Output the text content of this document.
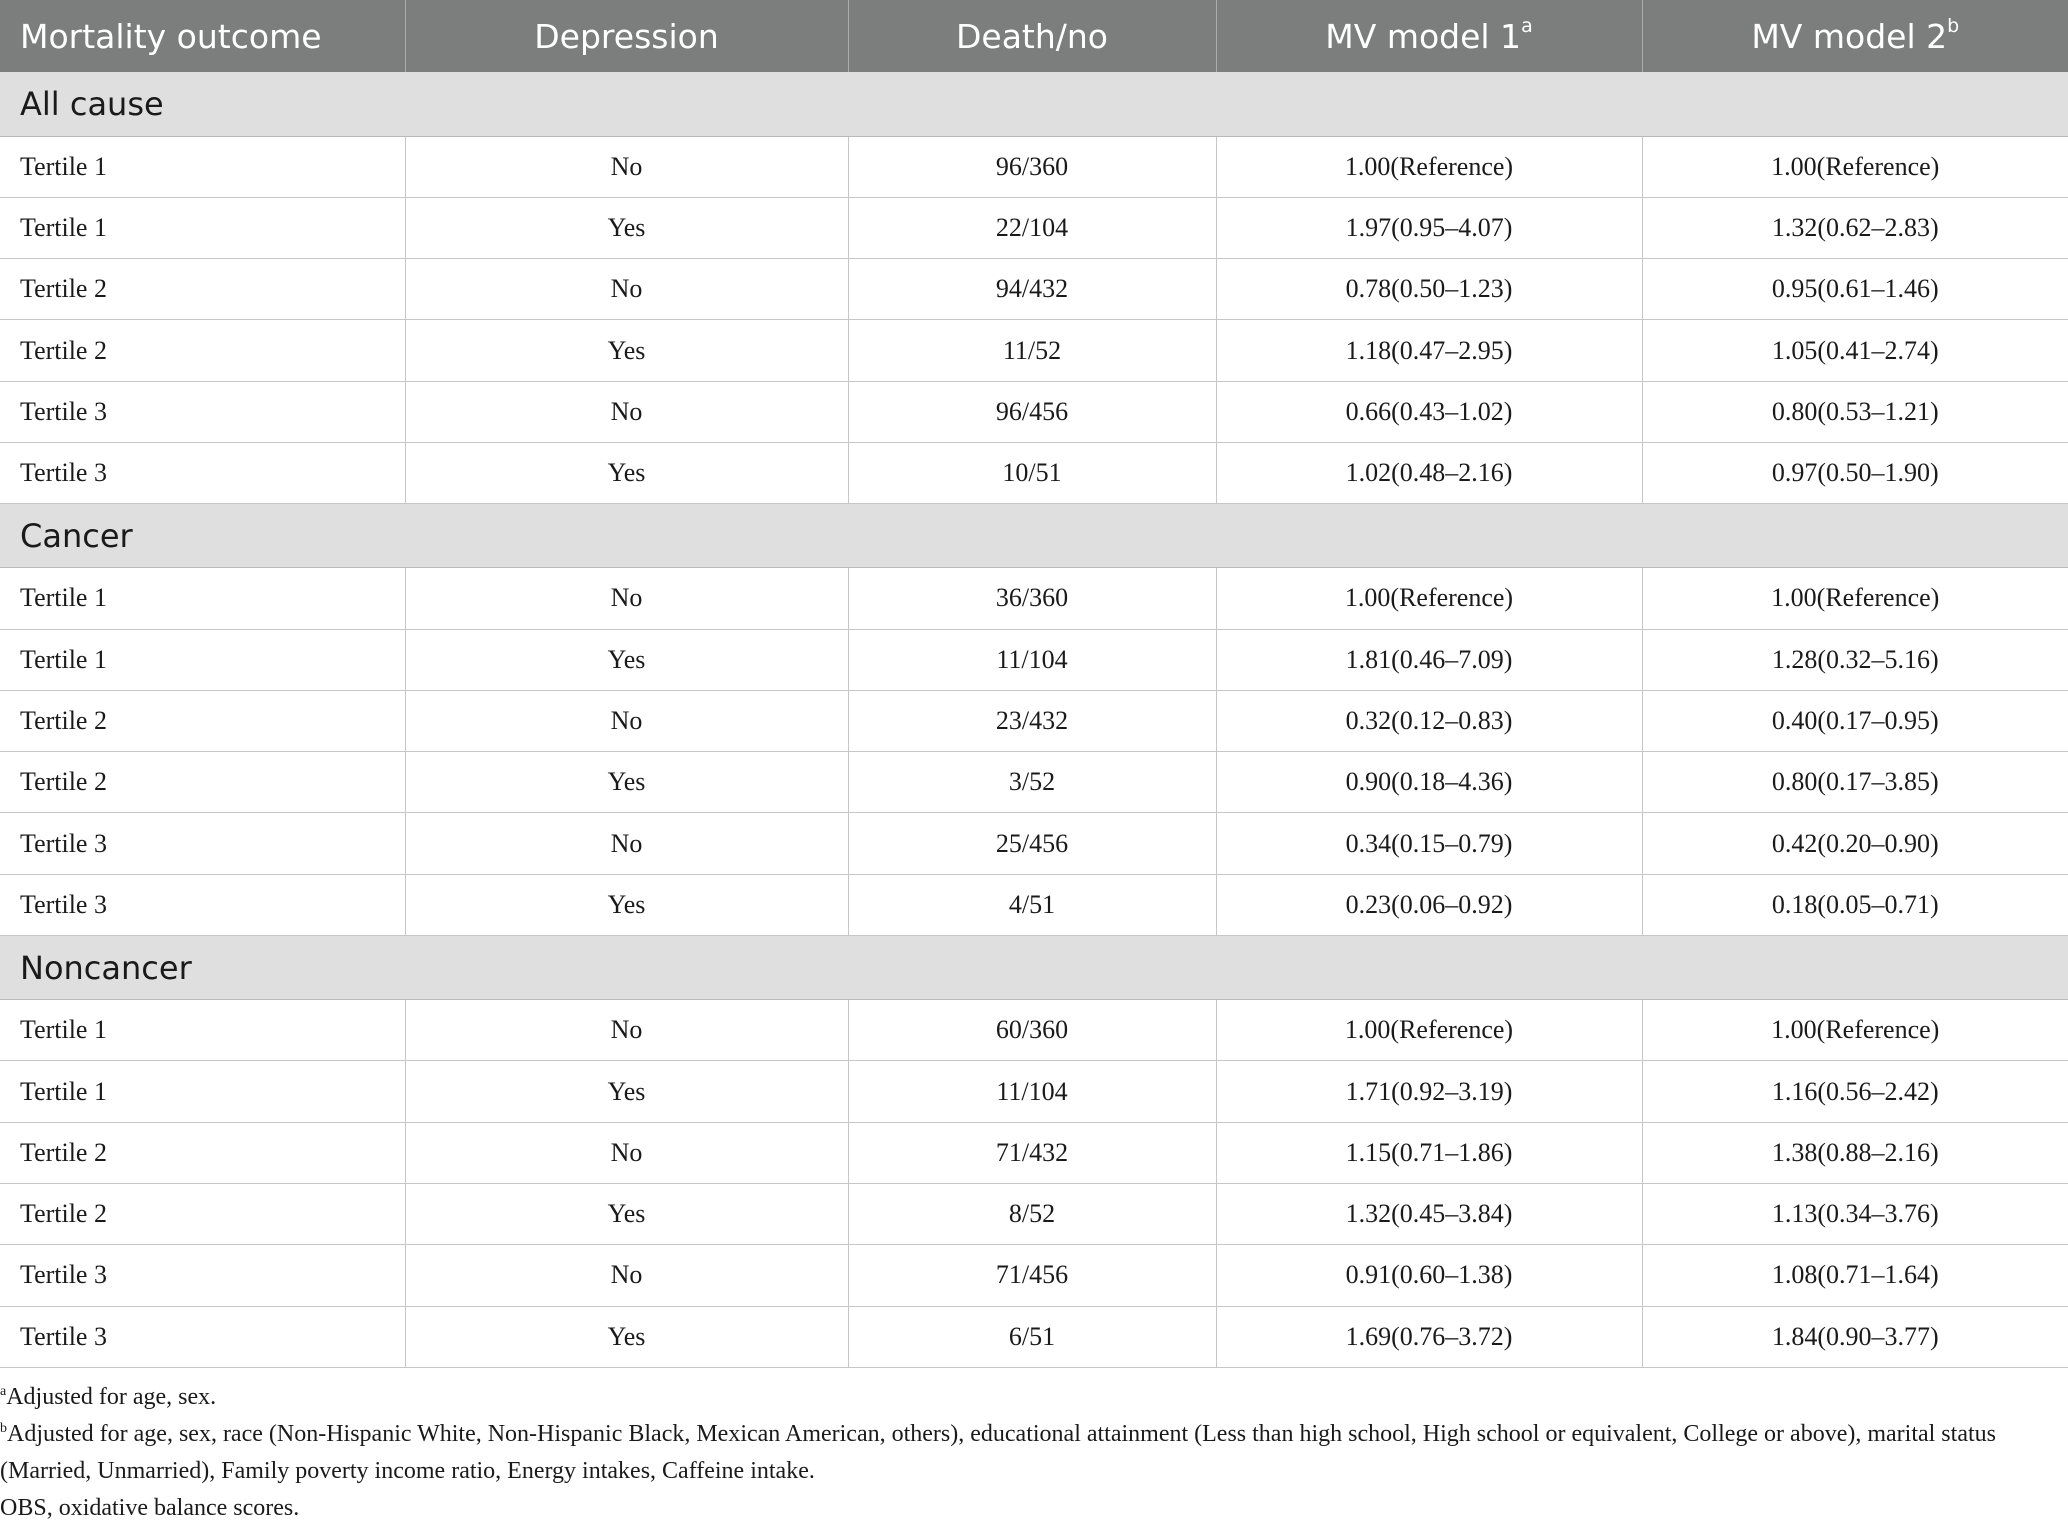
Mortality outcome	Depression	Death/no	MV model 1$^a$	MV model 2$^b$
All cause				
Tertile 1	No	96/360	1.00(Reference)	1.00(Reference)
Tertile 1	Yes	22/104	1.97(0.95–4.07)	1.32(0.62–2.83)
Tertile 2	No	94/432	0.78(0.50–1.23)	0.95(0.61–1.46)
Tertile 2	Yes	11/52	1.18(0.47–2.95)	1.05(0.41–2.74)
Tertile 3	No	96/456	0.66(0.43–1.02)	0.80(0.53–1.21)
Tertile 3	Yes	10/51	1.02(0.48–2.16)	0.97(0.50–1.90)
Cancer				
Tertile 1	No	36/360	1.00(Reference)	1.00(Reference)
Tertile 1	Yes	11/104	1.81(0.46–7.09)	1.28(0.32–5.16)
Tertile 2	No	23/432	0.32(0.12–0.83)	0.40(0.17–0.95)
Tertile 2	Yes	3/52	0.90(0.18–4.36)	0.80(0.17–3.85)
Tertile 3	No	25/456	0.34(0.15–0.79)	0.42(0.20–0.90)
Tertile 3	Yes	4/51	0.23(0.06–0.92)	0.18(0.05–0.71)
Noncancer				
Tertile 1	No	60/360	1.00(Reference)	1.00(Reference)
Tertile 1	Yes	11/104	1.71(0.92–3.19)	1.16(0.56–2.42)
Tertile 2	No	71/432	1.15(0.71–1.86)	1.38(0.88–2.16)
Tertile 2	Yes	8/52	1.32(0.45–3.84)	1.13(0.34–3.76)
Tertile 3	No	71/456	0.91(0.60–1.38)	1.08(0.71–1.64)
Tertile 3	Yes	6/51	1.69(0.76–3.72)	1.84(0.90–3.77)

$^a$Adjusted for age, sex.

$^b$Adjusted for age, sex, race (Non-Hispanic White, Non-Hispanic Black, Mexican American, others), educational attainment (Less than high school, High school or equivalent, College or above), marital status (Married, Unmarried), Family poverty income ratio, Energy intakes, Caffeine intake.

OBS, oxidative balance scores.
